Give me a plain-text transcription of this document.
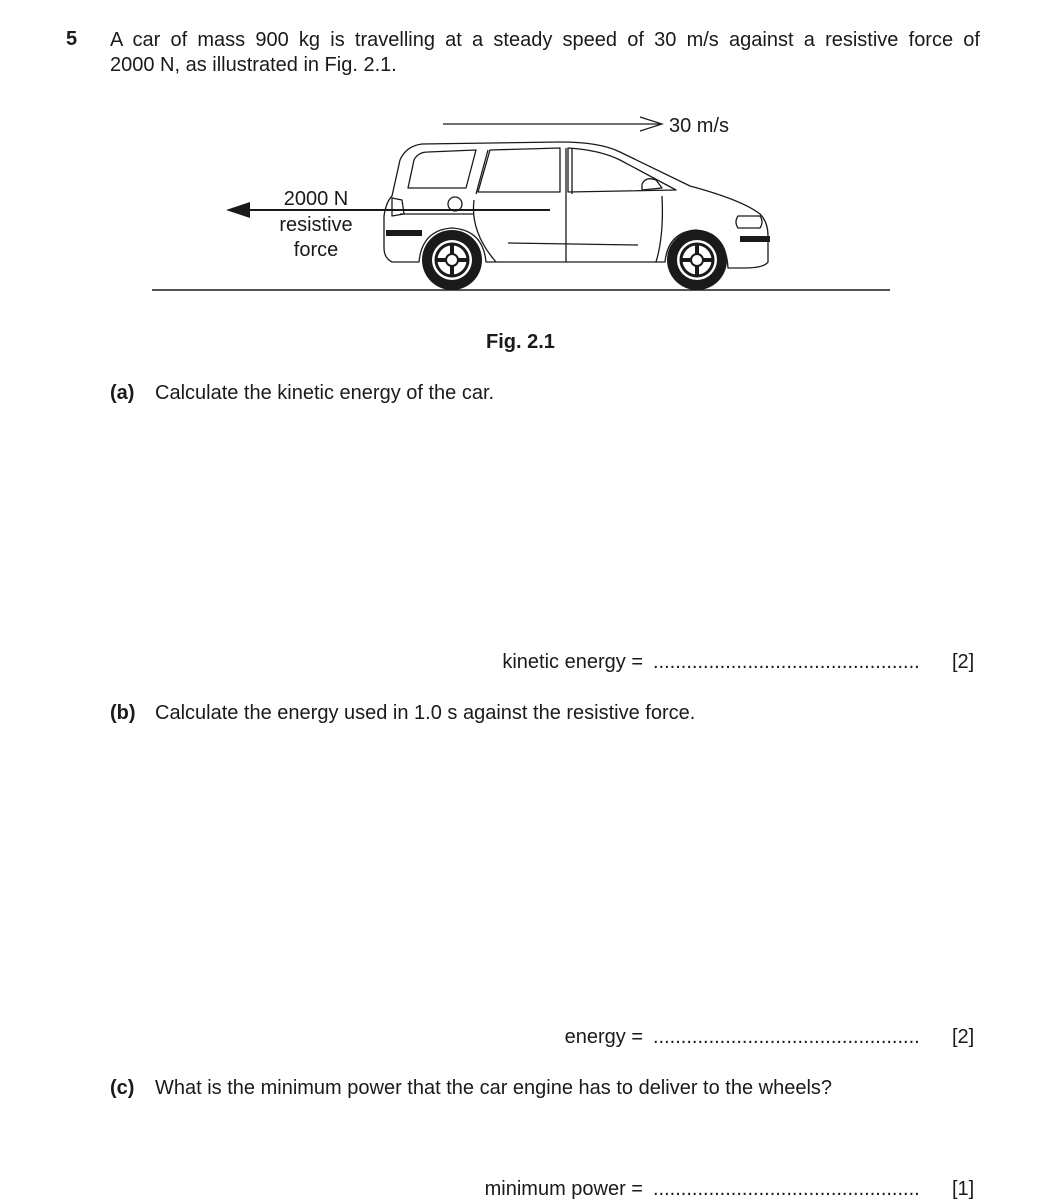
5 A car of mass 900 kg is travelling at a steady speed of 30 m/s against a resistive force of
2000 N, as illustrated in Fig. 2.1.
30 m/s
2000 N
resistive
force
Fig. 2.1
(a) Calculate the kinetic energy of the car.
kinetic energy = ................................................ [2]
(b) Calculate the energy used in 1.0 s against the resistive force.
energy = ................................................ [2]
(c) What is the minimum power that the car engine has to deliver to the wheels?
minimum power = ................................................ [1]
